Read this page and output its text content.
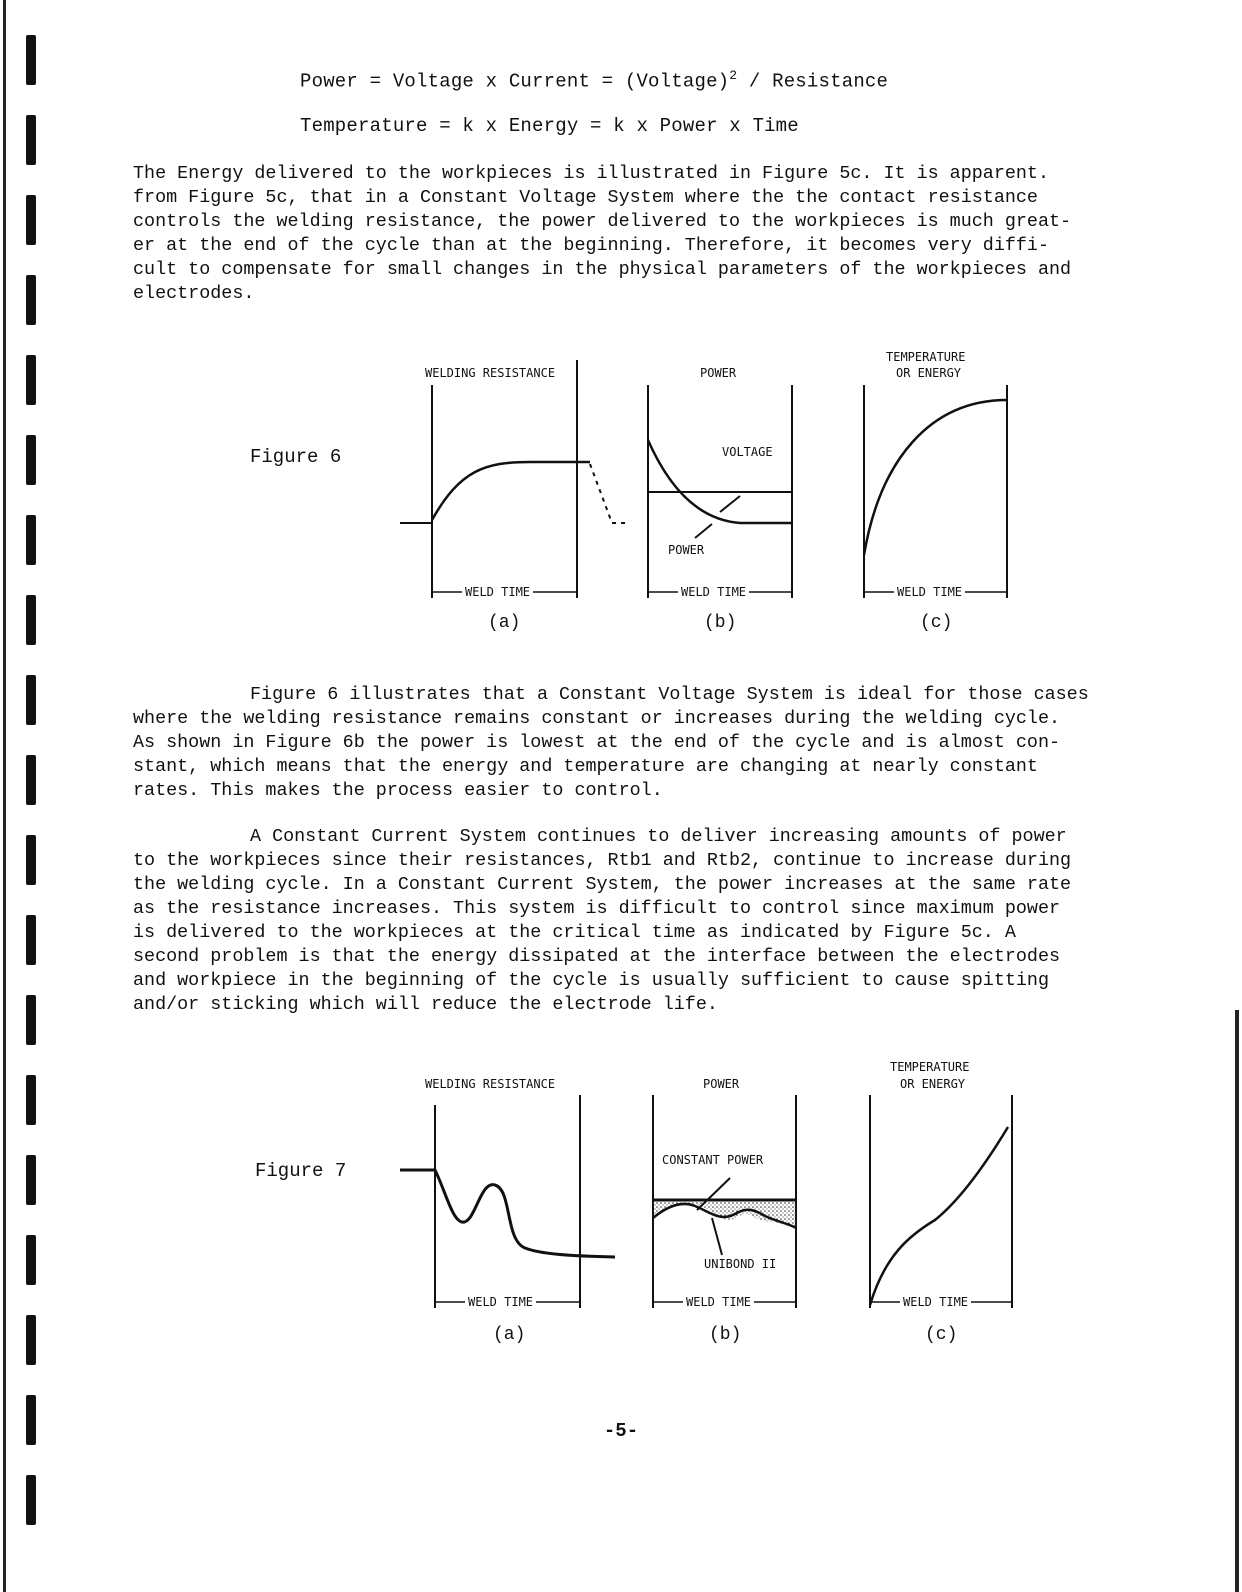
Power = Voltage x Current = (Voltage)$^2$ / Resistance
Temperature = k x Energy = k x Power x Time
The Energy delivered to the workpieces is illustrated in Figure 5c. It is apparent.
from Figure 5c, that in a Constant Voltage System where the the contact resistance
controls the welding resistance, the power delivered to the workpieces is much great-
er at the end of the cycle than at the beginning. Therefore, it becomes very diffi-
cult to compensate for small changes in the physical parameters of the workpieces and
electrodes.
Figure 6
WELDING RESISTANCE	POWER
TEMPERATURE
OR ENERGY
VOLTAGE
POWER
WELD TIME	WELD TIME	WELD TIME
(a)	(b)	(c)
Figure 6 illustrates that a Constant Voltage System is ideal for those cases
where the welding resistance remains constant or increases during the welding cycle.
As shown in Figure 6b the power is lowest at the end of the cycle and is almost con-
stant, which means that the energy and temperature are changing at nearly constant
rates. This makes the process easier to control.
A Constant Current System continues to deliver increasing amounts of power
to the workpieces since their resistances, Rtb1 and Rtb2, continue to increase during
the welding cycle. In a Constant Current System, the power increases at the same rate
as the resistance increases. This system is difficult to control since maximum power
is delivered to the workpieces at the critical time as indicated by Figure 5c. A
second problem is that the energy dissipated at the interface between the electrodes
and workpiece in the beginning of the cycle is usually sufficient to cause spitting
and/or sticking which will reduce the electrode life.
Figure 7
WELDING RESISTANCE	POWER
TEMPERATURE
OR ENERGY
CONSTANT POWER
UNIBOND II
WELD TIME	WELD TIME	WELD TIME
(a)	(b)	(c)
-5-
